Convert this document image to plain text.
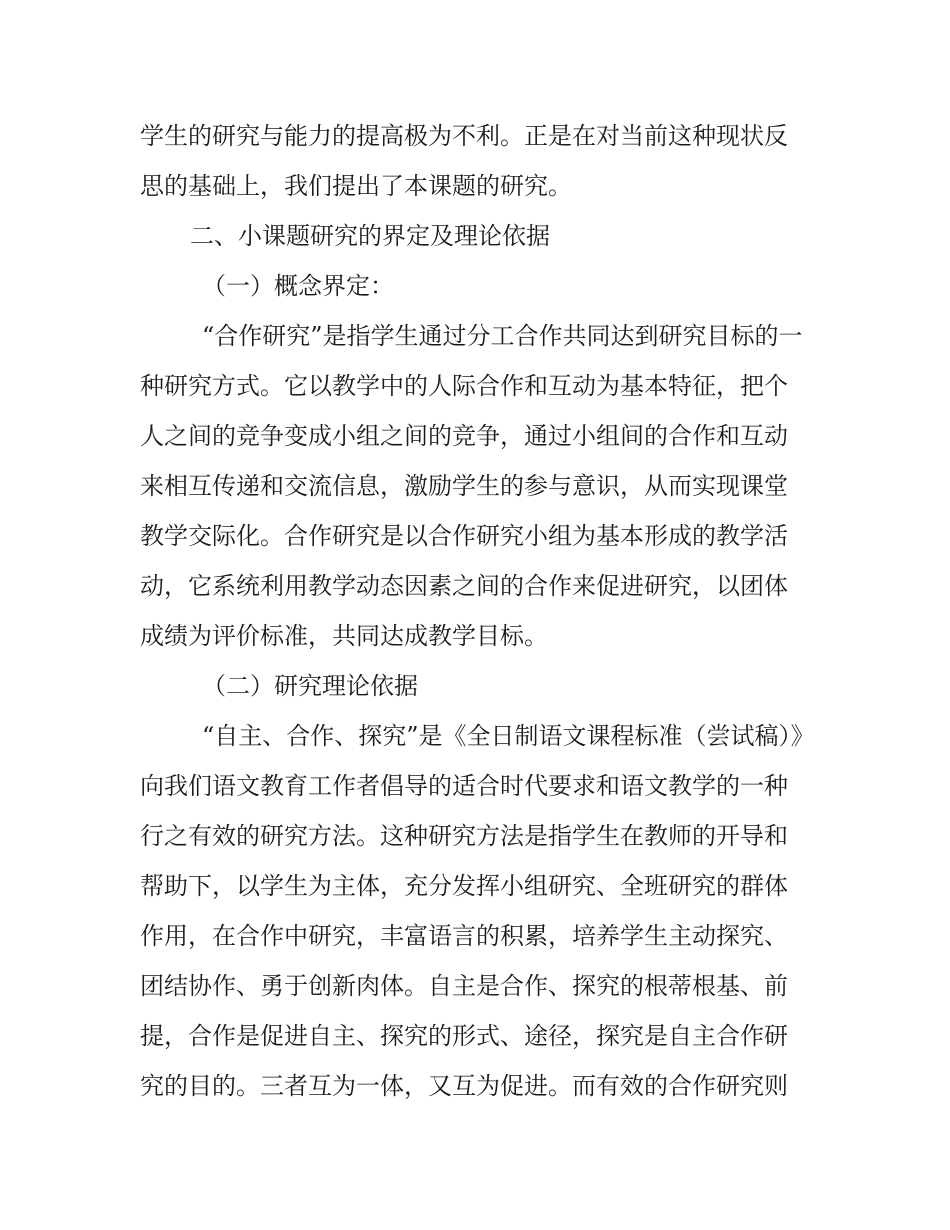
学生的研究与能力的提高极为不利。正是在对当前这种现状反
思的基础上，我们提出了本课题的研究。
二、小课题研究的界定及理论依据
（一）概念界定：
“合作研究”是指学生通过分工合作共同达到研究目标的一
种研究方式。它以教学中的人际合作和互动为基本特征，把个
人之间的竞争变成小组之间的竞争，通过小组间的合作和互动
来相互传递和交流信息，激励学生的参与意识，从而实现课堂
教学交际化。合作研究是以合作研究小组为基本形成的教学活
动，它系统利用教学动态因素之间的合作来促进研究，以团体
成绩为评价标准，共同达成教学目标。
（二）研究理论依据
“自主、合作、探究”是《全日制语文课程标准（尝试稿）》
向我们语文教育工作者倡导的适合时代要求和语文教学的一种
行之有效的研究方法。这种研究方法是指学生在教师的开导和
帮助下，以学生为主体，充分发挥小组研究、全班研究的群体
作用，在合作中研究，丰富语言的积累，培养学生主动探究、
团结协作、勇于创新肉体。自主是合作、探究的根蒂根基、前
提，合作是促进自主、探究的形式、途径，探究是自主合作研
究的目的。三者互为一体，又互为促进。而有效的合作研究则
